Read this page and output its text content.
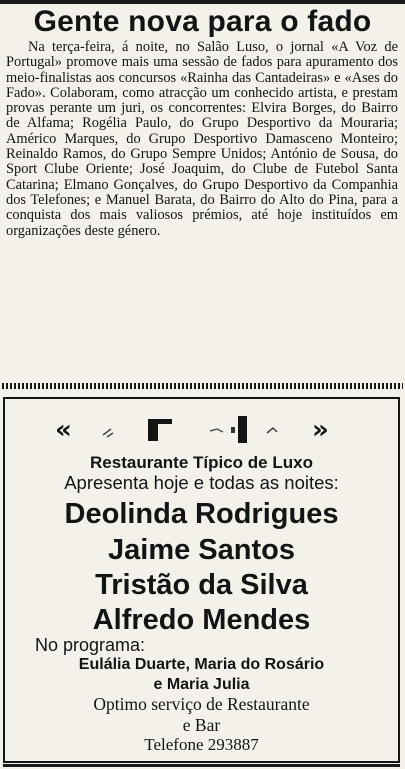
Gente nova para o fado

Na terça-feira, á noite, no Salão Luso, o jornal «A Voz de Portugal» promove mais uma sessão de fados para apuramento dos meio-finalistas aos concursos «Rainha das Cantadeiras» e «Ases do Fado». Colaboram, como atracção um conhecido artista, e prestam provas perante um juri, os concorrentes: Elvira Borges, do Bairro de Alfama; Rogélia Paulo, do Grupo Desportivo da Mouraria; Américo Marques, do Grupo Desportivo Damasceno Monteiro; Reinaldo Ramos, do Grupo Sempre Unidos; António de Sousa, do Sport Clube Oriente; José Joaquim, do Clube de Futebol Santa Catarina; Elmano Gonçalves, do Grupo Desportivo da Companhia dos Telefones; e Manuel Barata, do Bairro do Alto do Pina, para a conquista dos mais valiosos prémios, até hoje instituídos em organizações deste género.

«	»

Restaurante Típico de Luxo

Apresenta hoje e todas as noites:

Deolinda Rodrigues

Jaime Santos

Tristão da Silva

Alfredo Mendes

No programa:

Eulália Duarte, Maria do Rosário

e Maria Julia

Optimo serviço de Restaurante

e Bar

Telefone 293887
